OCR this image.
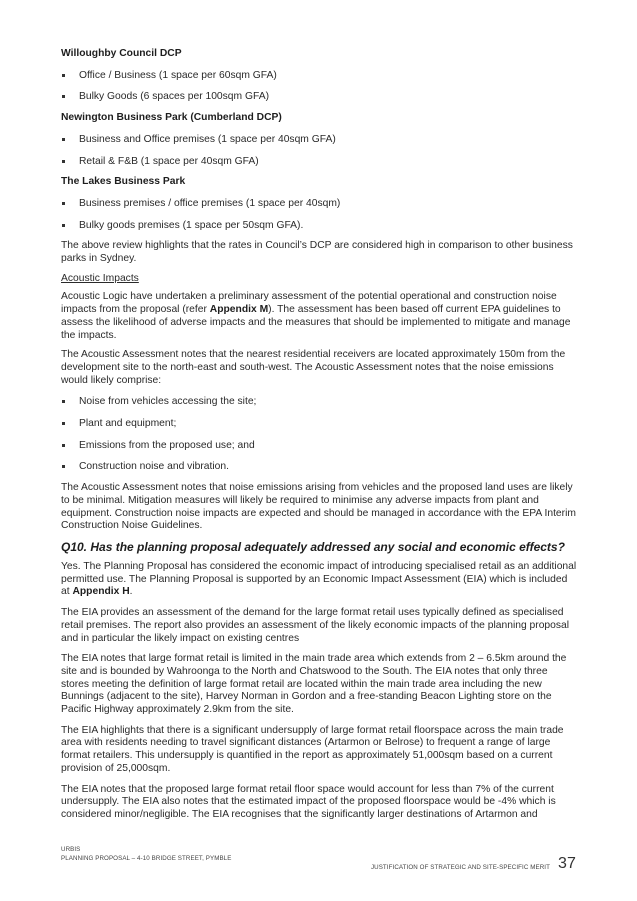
Willoughby Council DCP

Office / Business (1 space per 60sqm GFA)
Bulky Goods (6 spaces per 100sqm GFA)

Newington Business Park (Cumberland DCP)

Business and Office premises (1 space per 40sqm GFA)
Retail & F&B (1 space per 40sqm GFA)

The Lakes Business Park

Business premises / office premises (1 space per 40sqm)
Bulky goods premises (1 space per 50sqm GFA).

The above review highlights that the rates in Council’s DCP are considered high in comparison to other business parks in Sydney.

Acoustic Impacts

Acoustic Logic have undertaken a preliminary assessment of the potential operational and construction noise impacts from the proposal (refer Appendix M). The assessment has been based off current EPA guidelines to assess the likelihood of adverse impacts and the measures that should be implemented to mitigate and manage the impacts.

The Acoustic Assessment notes that the nearest residential receivers are located approximately 150m from the development site to the north-east and south-west. The Acoustic Assessment notes that the noise emissions would likely comprise:

Noise from vehicles accessing the site;
Plant and equipment;
Emissions from the proposed use; and
Construction noise and vibration.

The Acoustic Assessment notes that noise emissions arising from vehicles and the proposed land uses are likely to be minimal. Mitigation measures will likely be required to minimise any adverse impacts from plant and equipment. Construction noise impacts are expected and should be managed in accordance with the EPA Interim Construction Noise Guidelines.

Q10. Has the planning proposal adequately addressed any social and economic effects?

Yes. The Planning Proposal has considered the economic impact of introducing specialised retail as an additional permitted use. The Planning Proposal is supported by an Economic Impact Assessment (EIA) which is included at Appendix H.

The EIA provides an assessment of the demand for the large format retail uses typically defined as specialised retail premises. The report also provides an assessment of the likely economic impacts of the planning proposal and in particular the likely impact on existing centres

The EIA notes that large format retail is limited in the main trade area which extends from 2 – 6.5km around the site and is bounded by Wahroonga to the North and Chatswood to the South. The EIA notes that only three stores meeting the definition of large format retail are located within the main trade area including the new Bunnings (adjacent to the site), Harvey Norman in Gordon and a free-standing Beacon Lighting store on the Pacific Highway approximately 2.9km from the site.

The EIA highlights that there is a significant undersupply of large format retail floorspace across the main trade area with residents needing to travel significant distances (Artarmon or Belrose) to frequent a range of large format retailers. This undersupply is quantified in the report as approximately 51,000sqm based on a current provision of 25,000sqm.

The EIA notes that the proposed large format retail floor space would account for less than 7% of the current undersupply. The EIA also notes that the estimated impact of the proposed floorspace would be -4% which is considered minor/negligible. The EIA recognises that the significantly larger destinations of Artarmon and

URBIS
PLANNING PROPOSAL – 4-10 BRIDGE STREET, PYMBLE
JUSTIFICATION OF STRATEGIC AND SITE-SPECIFIC MERIT 37
